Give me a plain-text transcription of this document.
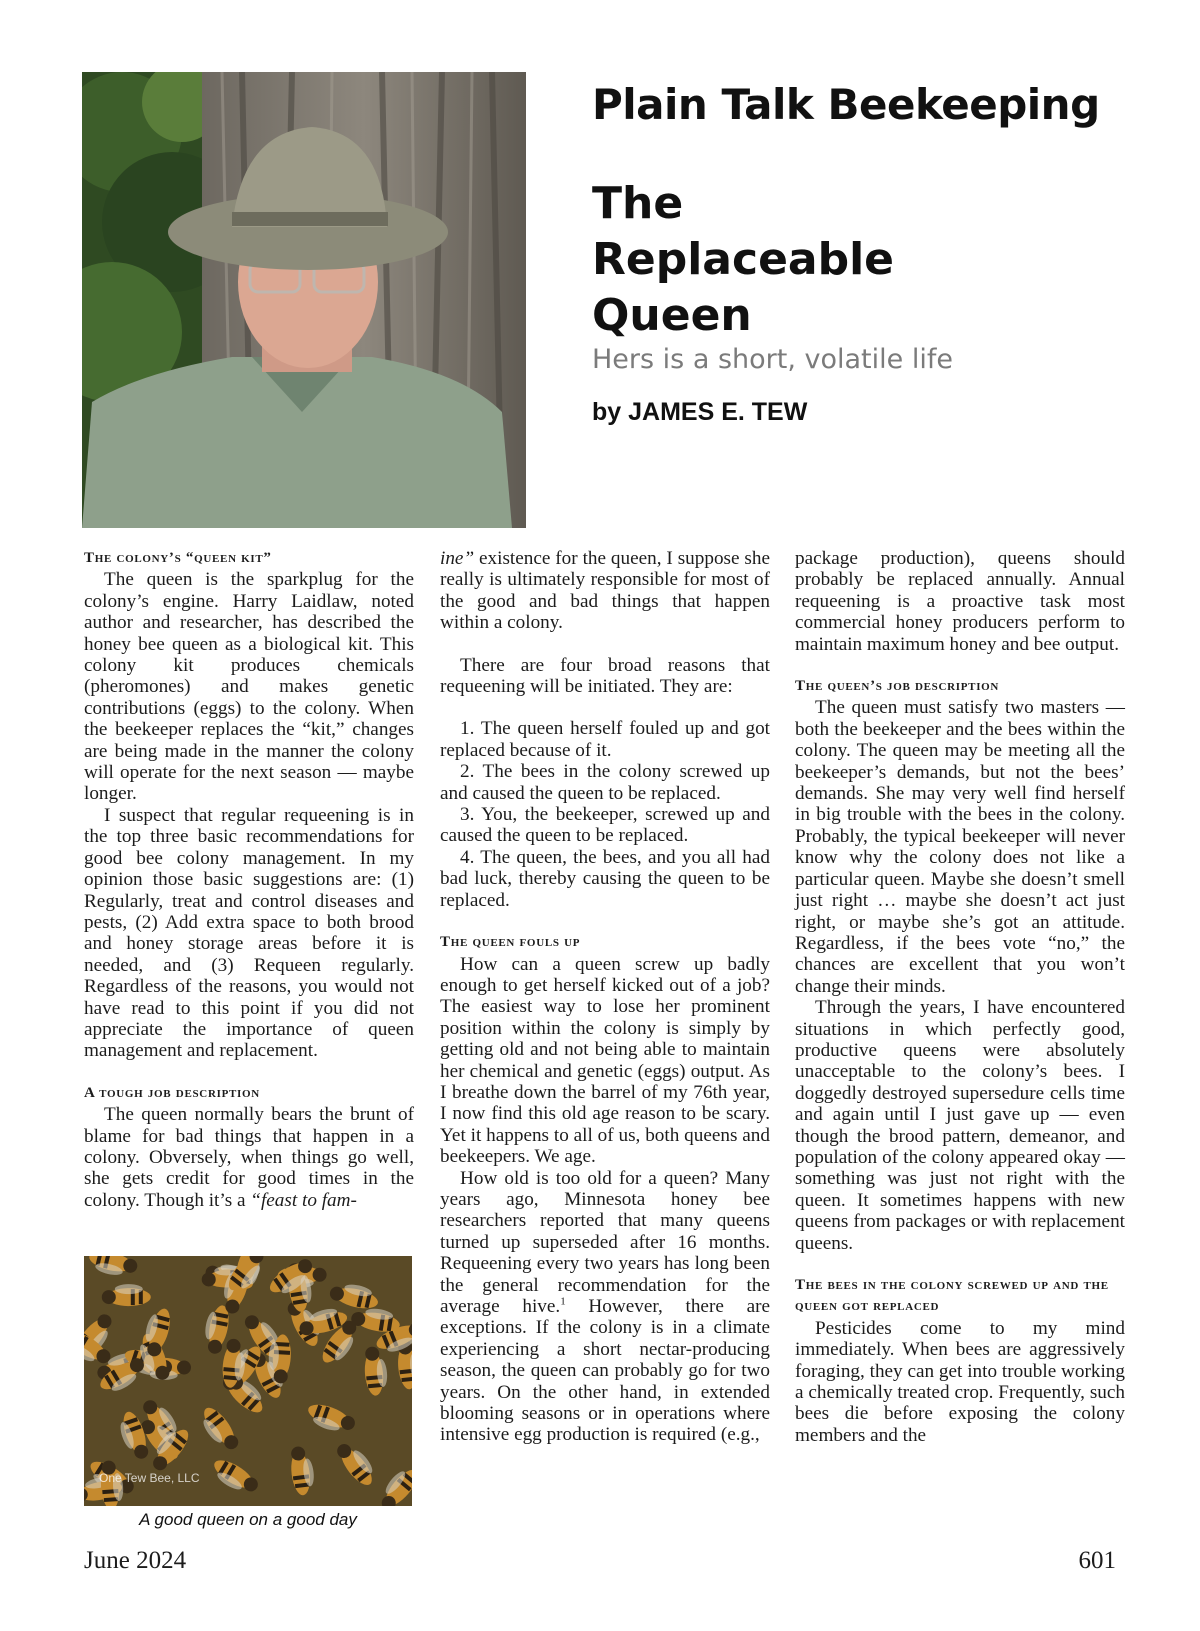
Plain Talk Beekeeping
The
Replaceable
Queen
Hers is a short, volatile life
by JAMES E. TEW
The colony’s “queen kit”

The queen is the sparkplug for the colony’s engine. Harry Laidlaw, noted author and researcher, has described the honey bee queen as a biological kit. This colony kit produces chemicals (pheromones) and makes genetic contributions (eggs) to the colony. When the beekeeper replaces the “kit,” changes are being made in the manner the colony will operate for the next season — maybe longer.

I suspect that regular requeening is in the top three basic recommendations for good bee colony management. In my opinion those basic suggestions are: (1) Regularly, treat and control diseases and pests, (2) Add extra space to both brood and honey storage areas before it is needed, and (3) Requeen regularly. Regardless of the reasons, you would not have read to this point if you did not appreciate the importance of queen management and replacement.

A tough job description

The queen normally bears the brunt of blame for bad things that happen in a colony. Obversely, when things go well, she gets credit for good times in the colony. Though it’s a “feast to fam-

One Tew Bee, LLC
A good queen on a good day

ine” existence for the queen, I suppose she really is ultimately responsible for most of the good and bad things that happen within a colony.

There are four broad reasons that requeening will be initiated. They are:

1. The queen herself fouled up and got replaced because of it.

2. The bees in the colony screwed up and caused the queen to be replaced.

3. You, the beekeeper, screwed up and caused the queen to be replaced.

4. The queen, the bees, and you all had bad luck, thereby causing the queen to be replaced.

The queen fouls up

How can a queen screw up badly enough to get herself kicked out of a job? The easiest way to lose her prominent position within the colony is simply by getting old and not being able to maintain her chemical and genetic (eggs) output. As I breathe down the barrel of my 76th year, I now find this old age reason to be scary. Yet it happens to all of us, both queens and beekeepers. We age.

How old is too old for a queen? Many years ago, Minnesota honey bee researchers reported that many queens turned up superseded after 16 months. Requeening every two years has long been the general recommendation for the average hive.$^1$ However, there are exceptions. If the colony is in a climate experiencing a short nectar-producing season, the queen can probably go for two years. On the other hand, in extended blooming seasons or in operations where intensive egg production is required (e.g.,

package production), queens should probably be replaced annually. Annual requeening is a proactive task most commercial honey producers perform to maintain maximum honey and bee output.

The queen’s job description

The queen must satisfy two masters — both the beekeeper and the bees within the colony. The queen may be meeting all the beekeeper’s demands, but not the bees’ demands. She may very well find herself in big trouble with the bees in the colony. Probably, the typical beekeeper will never know why the colony does not like a particular queen. Maybe she doesn’t smell just right … maybe she doesn’t act just right, or maybe she’s got an attitude. Regardless, if the bees vote “no,” the chances are excellent that you won’t change their minds.

Through the years, I have encountered situations in which perfectly good, productive queens were absolutely unacceptable to the colony’s bees. I doggedly destroyed supersedure cells time and again until I just gave up — even though the brood pattern, demeanor, and population of the colony appeared okay — something was just not right with the queen. It sometimes happens with new queens from packages or with replacement queens.

The bees in the colony screwed up and the queen got replaced

Pesticides come to my mind immediately. When bees are aggressively foraging, they can get into trouble working a chemically treated crop. Frequently, such bees die before exposing the colony members and the

June 2024	601
